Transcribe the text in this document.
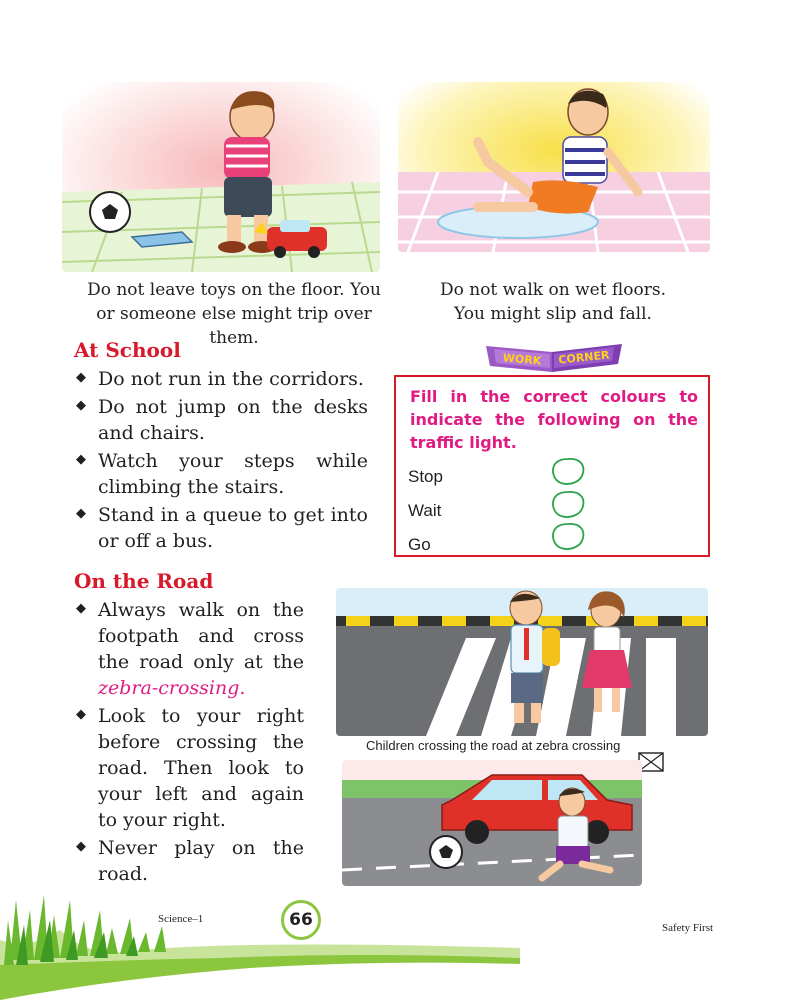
Do not leave toys on the floor. You or someone else might trip over them.
Do not walk on wet floors. You might slip and fall.
At School
◆ Do not run in the corridors.
◆ Do not jump on the desks and chairs.
◆ Watch your steps while climbing the stairs.
◆ Stand in a queue to get into or off a bus.
WORK CORNER
Fill in the correct colours to indicate the following on the traffic light.
Stop
Wait
Go
On the Road
◆ Always walk on the footpath and cross the road only at the zebra-crossing.
◆ Look to your right before crossing the road. Then look to your left and again to your right.
◆ Never play on the road.
Children crossing the road at zebra crossing
Science–1	66	Safety First
